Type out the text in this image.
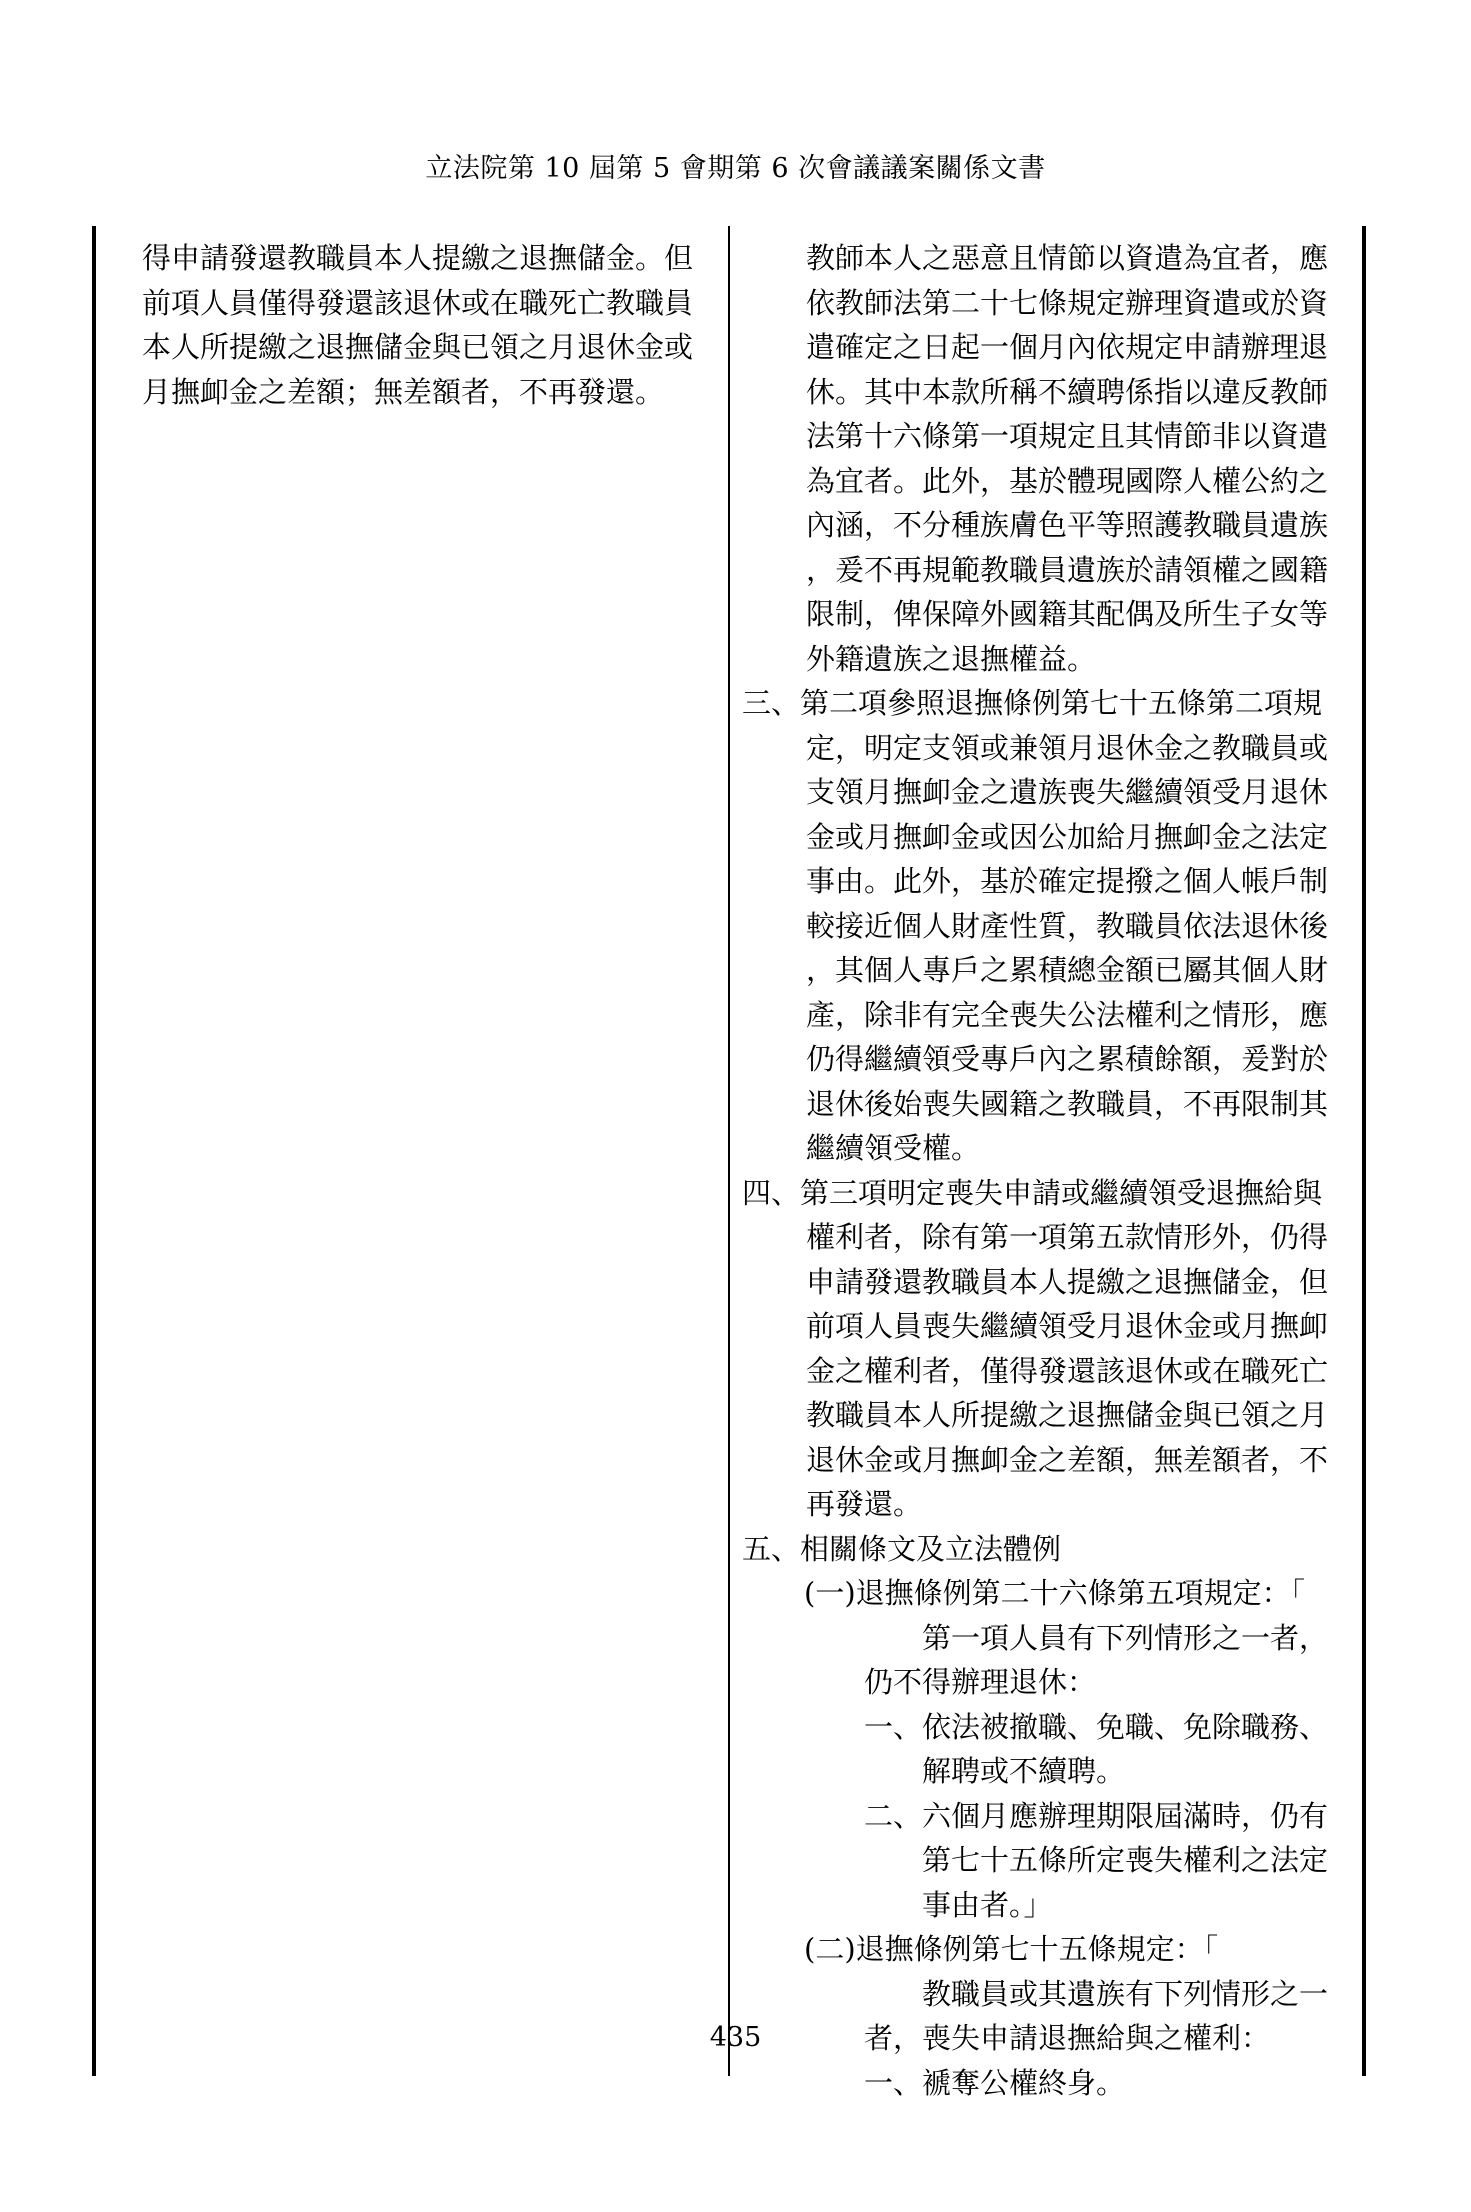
立法院第 10 屆第 5 會期第 6 次會議議案關係文書
得申請發還教職員本人提繳之退撫儲金。但
前項人員僅得發還該退休或在職死亡教職員
本人所提繳之退撫儲金與已領之月退休金或
月撫卹金之差額；無差額者，不再發還。
教師本人之惡意且情節以資遣為宜者，應
依教師法第二十七條規定辦理資遣或於資
遣確定之日起一個月內依規定申請辦理退
休。其中本款所稱不續聘係指以違反教師
法第十六條第一項規定且其情節非以資遣
為宜者。此外，基於體現國際人權公約之
內涵，不分種族膚色平等照護教職員遺族
，爰不再規範教職員遺族於請領權之國籍
限制，俾保障外國籍其配偶及所生子女等
外籍遺族之退撫權益。
三、第二項參照退撫條例第七十五條第二項規
定，明定支領或兼領月退休金之教職員或
支領月撫卹金之遺族喪失繼續領受月退休
金或月撫卹金或因公加給月撫卹金之法定
事由。此外，基於確定提撥之個人帳戶制
較接近個人財產性質，教職員依法退休後
，其個人專戶之累積總金額已屬其個人財
產，除非有完全喪失公法權利之情形，應
仍得繼續領受專戶內之累積餘額，爰對於
退休後始喪失國籍之教職員，不再限制其
繼續領受權。
四、第三項明定喪失申請或繼續領受退撫給與
權利者，除有第一項第五款情形外，仍得
申請發還教職員本人提繳之退撫儲金，但
前項人員喪失繼續領受月退休金或月撫卹
金之權利者，僅得發還該退休或在職死亡
教職員本人所提繳之退撫儲金與已領之月
退休金或月撫卹金之差額，無差額者，不
再發還。
五、相關條文及立法體例
(一)退撫條例第二十六條第五項規定：「
第一項人員有下列情形之一者，
仍不得辦理退休：
一、依法被撤職、免職、免除職務、
解聘或不續聘。
二、六個月應辦理期限屆滿時，仍有
第七十五條所定喪失權利之法定
事由者。」
(二)退撫條例第七十五條規定：「
教職員或其遺族有下列情形之一
者，喪失申請退撫給與之權利：
一、褫奪公權終身。
435
